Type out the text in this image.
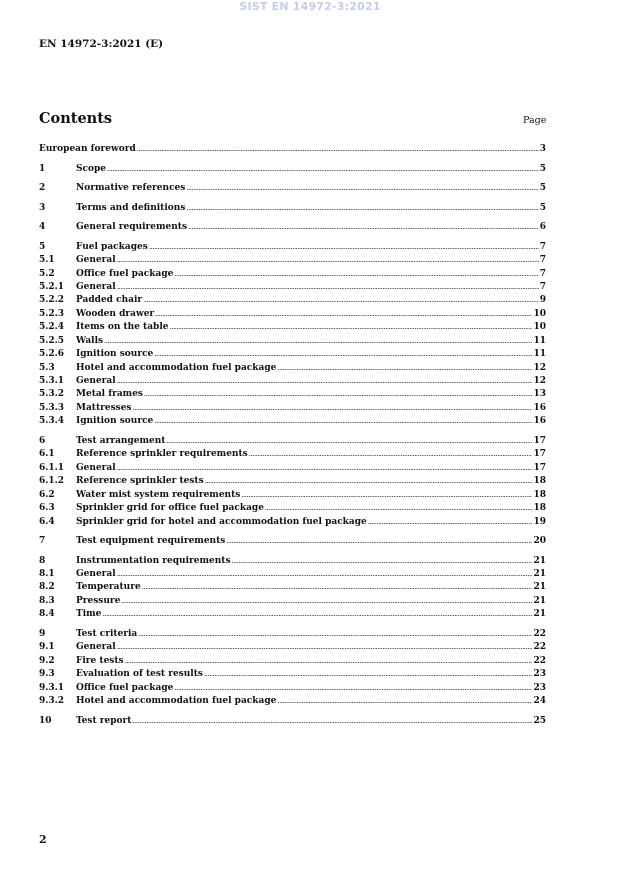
SIST EN 14972-3:2021
EN 14972-3:2021 (E)
Contents	Page
European foreword .....	3
1	Scope .....	5
2	Normative references .....	5
3	Terms and definitions .....	5
4	General requirements .....	6
5	Fuel packages .....	7
5.1 General .....	7
5.2 Office fuel package .....	7
5.2.1 General .....	7
5.2.2 Padded chair .....	9
5.2.3 Wooden drawer .....	10
5.2.4 Items on the table .....	10
5.2.5 Walls .....	11
5.2.6 Ignition source .....	11
5.3 Hotel and accommodation fuel package .....	12
5.3.1 General .....	12
5.3.2 Metal frames .....	13
5.3.3 Mattresses .....	16
5.3.4 Ignition source .....	16
6	Test arrangement .....	17
6.1 Reference sprinkler requirements .....	17
6.1.1 General .....	17
6.1.2 Reference sprinkler tests .....	18
6.2 Water mist system requirements .....	18
6.3 Sprinkler grid for office fuel package .....	18
6.4 Sprinkler grid for hotel and accommodation fuel package .....	19
7	Test equipment requirements .....	20
8	Instrumentation requirements .....	21
8.1 General .....	21
8.2 Temperature .....	21
8.3 Pressure .....	21
8.4 Time .....	21
9	Test criteria .....	22
9.1 General .....	22
9.2 Fire tests .....	22
9.3 Evaluation of test results .....	23
9.3.1 Office fuel package .....	23
9.3.2 Hotel and accommodation fuel package .....	24
10	Test report .....	25
2
